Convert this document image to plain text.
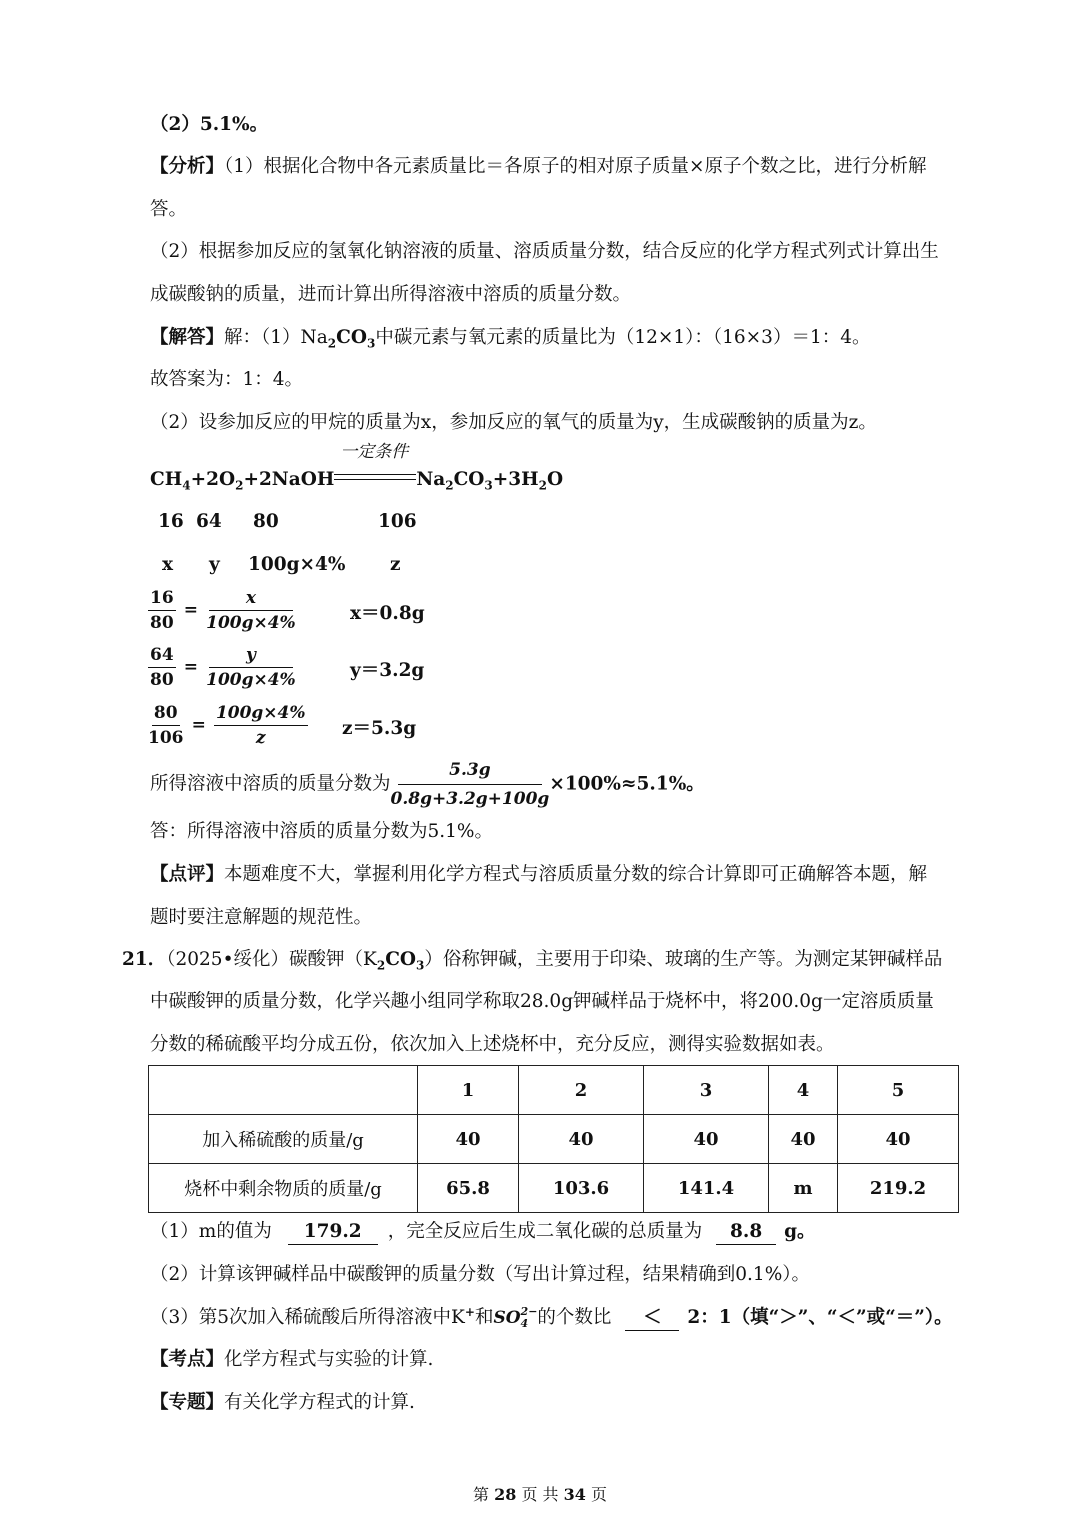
（2）5.1%。
【分析】（1）根据化合物中各元素质量比＝各原子的相对原子质量×原子个数之比，进行分析解
答。
（2）根据参加反应的氢氧化钠溶液的质量、溶质质量分数，结合反应的化学方程式列式计算出生
成碳酸钠的质量，进而计算出所得溶液中溶质的质量分数。
【解答】解：$(1)Na_2CO_3$中碳元素与氧元素的质量比为（12×1）：（16×3）＝1：4。
故答案为：1：4。
（2）设参加反应的甲烷的质量为x，参加反应的氧气的质量为y，生成碳酸钠的质量为z。
$CH_4+2O_2+2NaOH$
一定条件
$Na_2CO_3+3H_2O$
16 64 80	106
x y 100g×4% z
$\frac{16}{80} = \frac{x}{100g\times 4\%}$	x＝0.8g
$\frac{64}{80} = \frac{y}{100g\times 4\%}$	y＝3.2g
$\frac{80}{106} = \frac{100g\times 4\%}{z} z=5.3g$
所得溶液中溶质的质量分数为 $\frac{5.3g}{0.8g+3.2g+100g} \times 100\%\approx 5.1\%$。
答：所得溶液中溶质的质量分数为5.1%。
【点评】本题难度不大，掌握利用化学方程式与溶质质量分数的综合计算即可正确解答本题，解
题时要注意解题的规范性。
21．（2025•绥化）碳酸钾$(K_2CO_3)$俗称钾碱，主要用于印染、玻璃的生产等。为测定某钾碱样品
中碳酸钾的质量分数，化学兴趣小组同学称取28.0g钾碱样品于烧杯中，将200.0g一定溶质质量
分数的稀硫酸平均分成五份，依次加入上述烧杯中，充分反应，测得实验数据如表。
	1	2	3	4	5
加入稀硫酸的质量/g	40	40	40	40	40
烧杯中剩余物质的质量/g	65.8	103.6	141.4	m	219.2
（1）m的值为 179.2 ，完全反应后生成二氧化碳的总质量为 8.8 g。
（2）计算该钾碱样品中碳酸钾的质量分数（写出计算过程，结果精确到0.1%）。
（3）第5次加入稀硫酸后所得溶液中K+和SO 2−
4 的个数比 ＜ 2：1（填“＞”、“＜”或“＝”）。
【考点】化学方程式与实验的计算.
【专题】有关化学方程式的计算.
第 28 页 共 34 页
